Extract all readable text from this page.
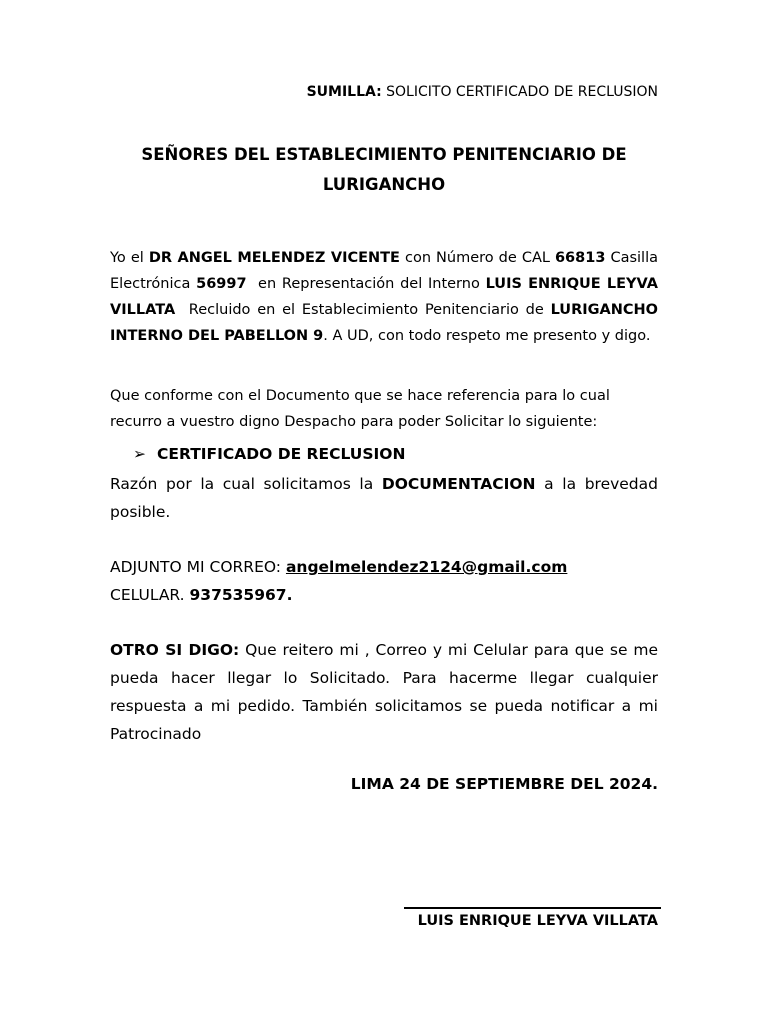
SUMILLA: SOLICITO CERTIFICADO DE RECLUSION
SEÑORES DEL ESTABLECIMIENTO PENITENCIARIO DE
LURIGANCHO
Yo el DR ANGEL MELENDEZ VICENTE con Número de CAL 66813 Casilla Electrónica 56997  en Representación del Interno LUIS ENRIQUE LEYVA VILLATA  Recluido en el Establecimiento Penitenciario de LURIGANCHO INTERNO DEL PABELLON 9. A UD, con todo respeto me presento y digo.
Que conforme con el Documento que se hace referencia para lo cual recurro a vuestro digno Despacho para poder Solicitar lo siguiente:
➢ CERTIFICADO DE RECLUSION
Razón por la cual solicitamos la DOCUMENTACION a la brevedad posible.
ADJUNTO MI CORREO: angelmelendez2124@gmail.com
CELULAR. 937535967.
OTRO SI DIGO: Que reitero mi , Correo y mi Celular para que se me pueda hacer llegar lo Solicitado. Para hacerme llegar cualquier respuesta a mi pedido. También solicitamos se pueda notificar a mi Patrocinado
LIMA 24 DE SEPTIEMBRE DEL 2024.
LUIS ENRIQUE LEYVA VILLATA
